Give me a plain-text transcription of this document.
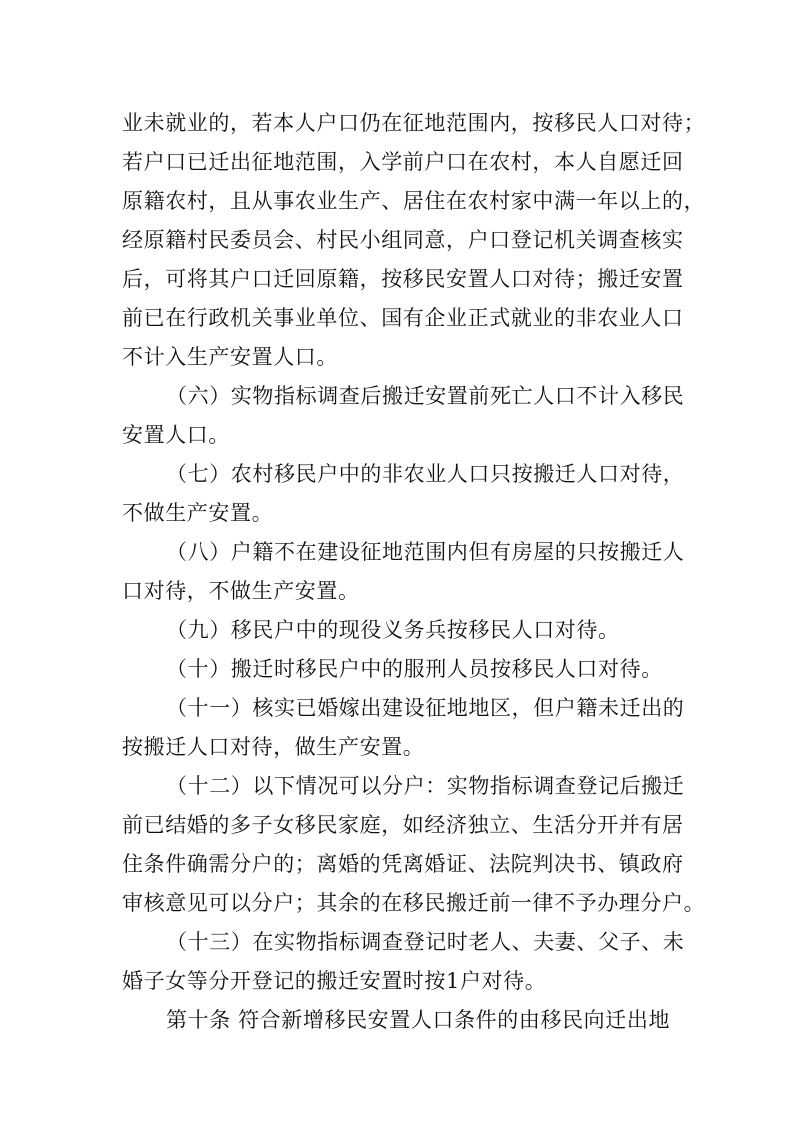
业未就业的，若本人户口仍在征地范围内，按移民人口对待；
若户口已迁出征地范围，入学前户口在农村，本人自愿迁回
原籍农村，且从事农业生产、居住在农村家中满一年以上的，
经原籍村民委员会、村民小组同意，户口登记机关调查核实
后，可将其户口迁回原籍，按移民安置人口对待；搬迁安置
前已在行政机关事业单位、国有企业正式就业的非农业人口
不计入生产安置人口。
（六）实物指标调查后搬迁安置前死亡人口不计入移民
安置人口。
（七）农村移民户中的非农业人口只按搬迁人口对待，
不做生产安置。
（八）户籍不在建设征地范围内但有房屋的只按搬迁人
口对待，不做生产安置。
（九）移民户中的现役义务兵按移民人口对待。
（十）搬迁时移民户中的服刑人员按移民人口对待。
（十一）核实已婚嫁出建设征地地区，但户籍未迁出的
按搬迁人口对待，做生产安置。
（十二）以下情况可以分户：实物指标调查登记后搬迁
前已结婚的多子女移民家庭，如经济独立、生活分开并有居
住条件确需分户的；离婚的凭离婚证、法院判决书、镇政府
审核意见可以分户；其余的在移民搬迁前一律不予办理分户。
（十三）在实物指标调查登记时老人、夫妻、父子、未
婚子女等分开登记的搬迁安置时按1户对待。
第十条 符合新增移民安置人口条件的由移民向迁出地
